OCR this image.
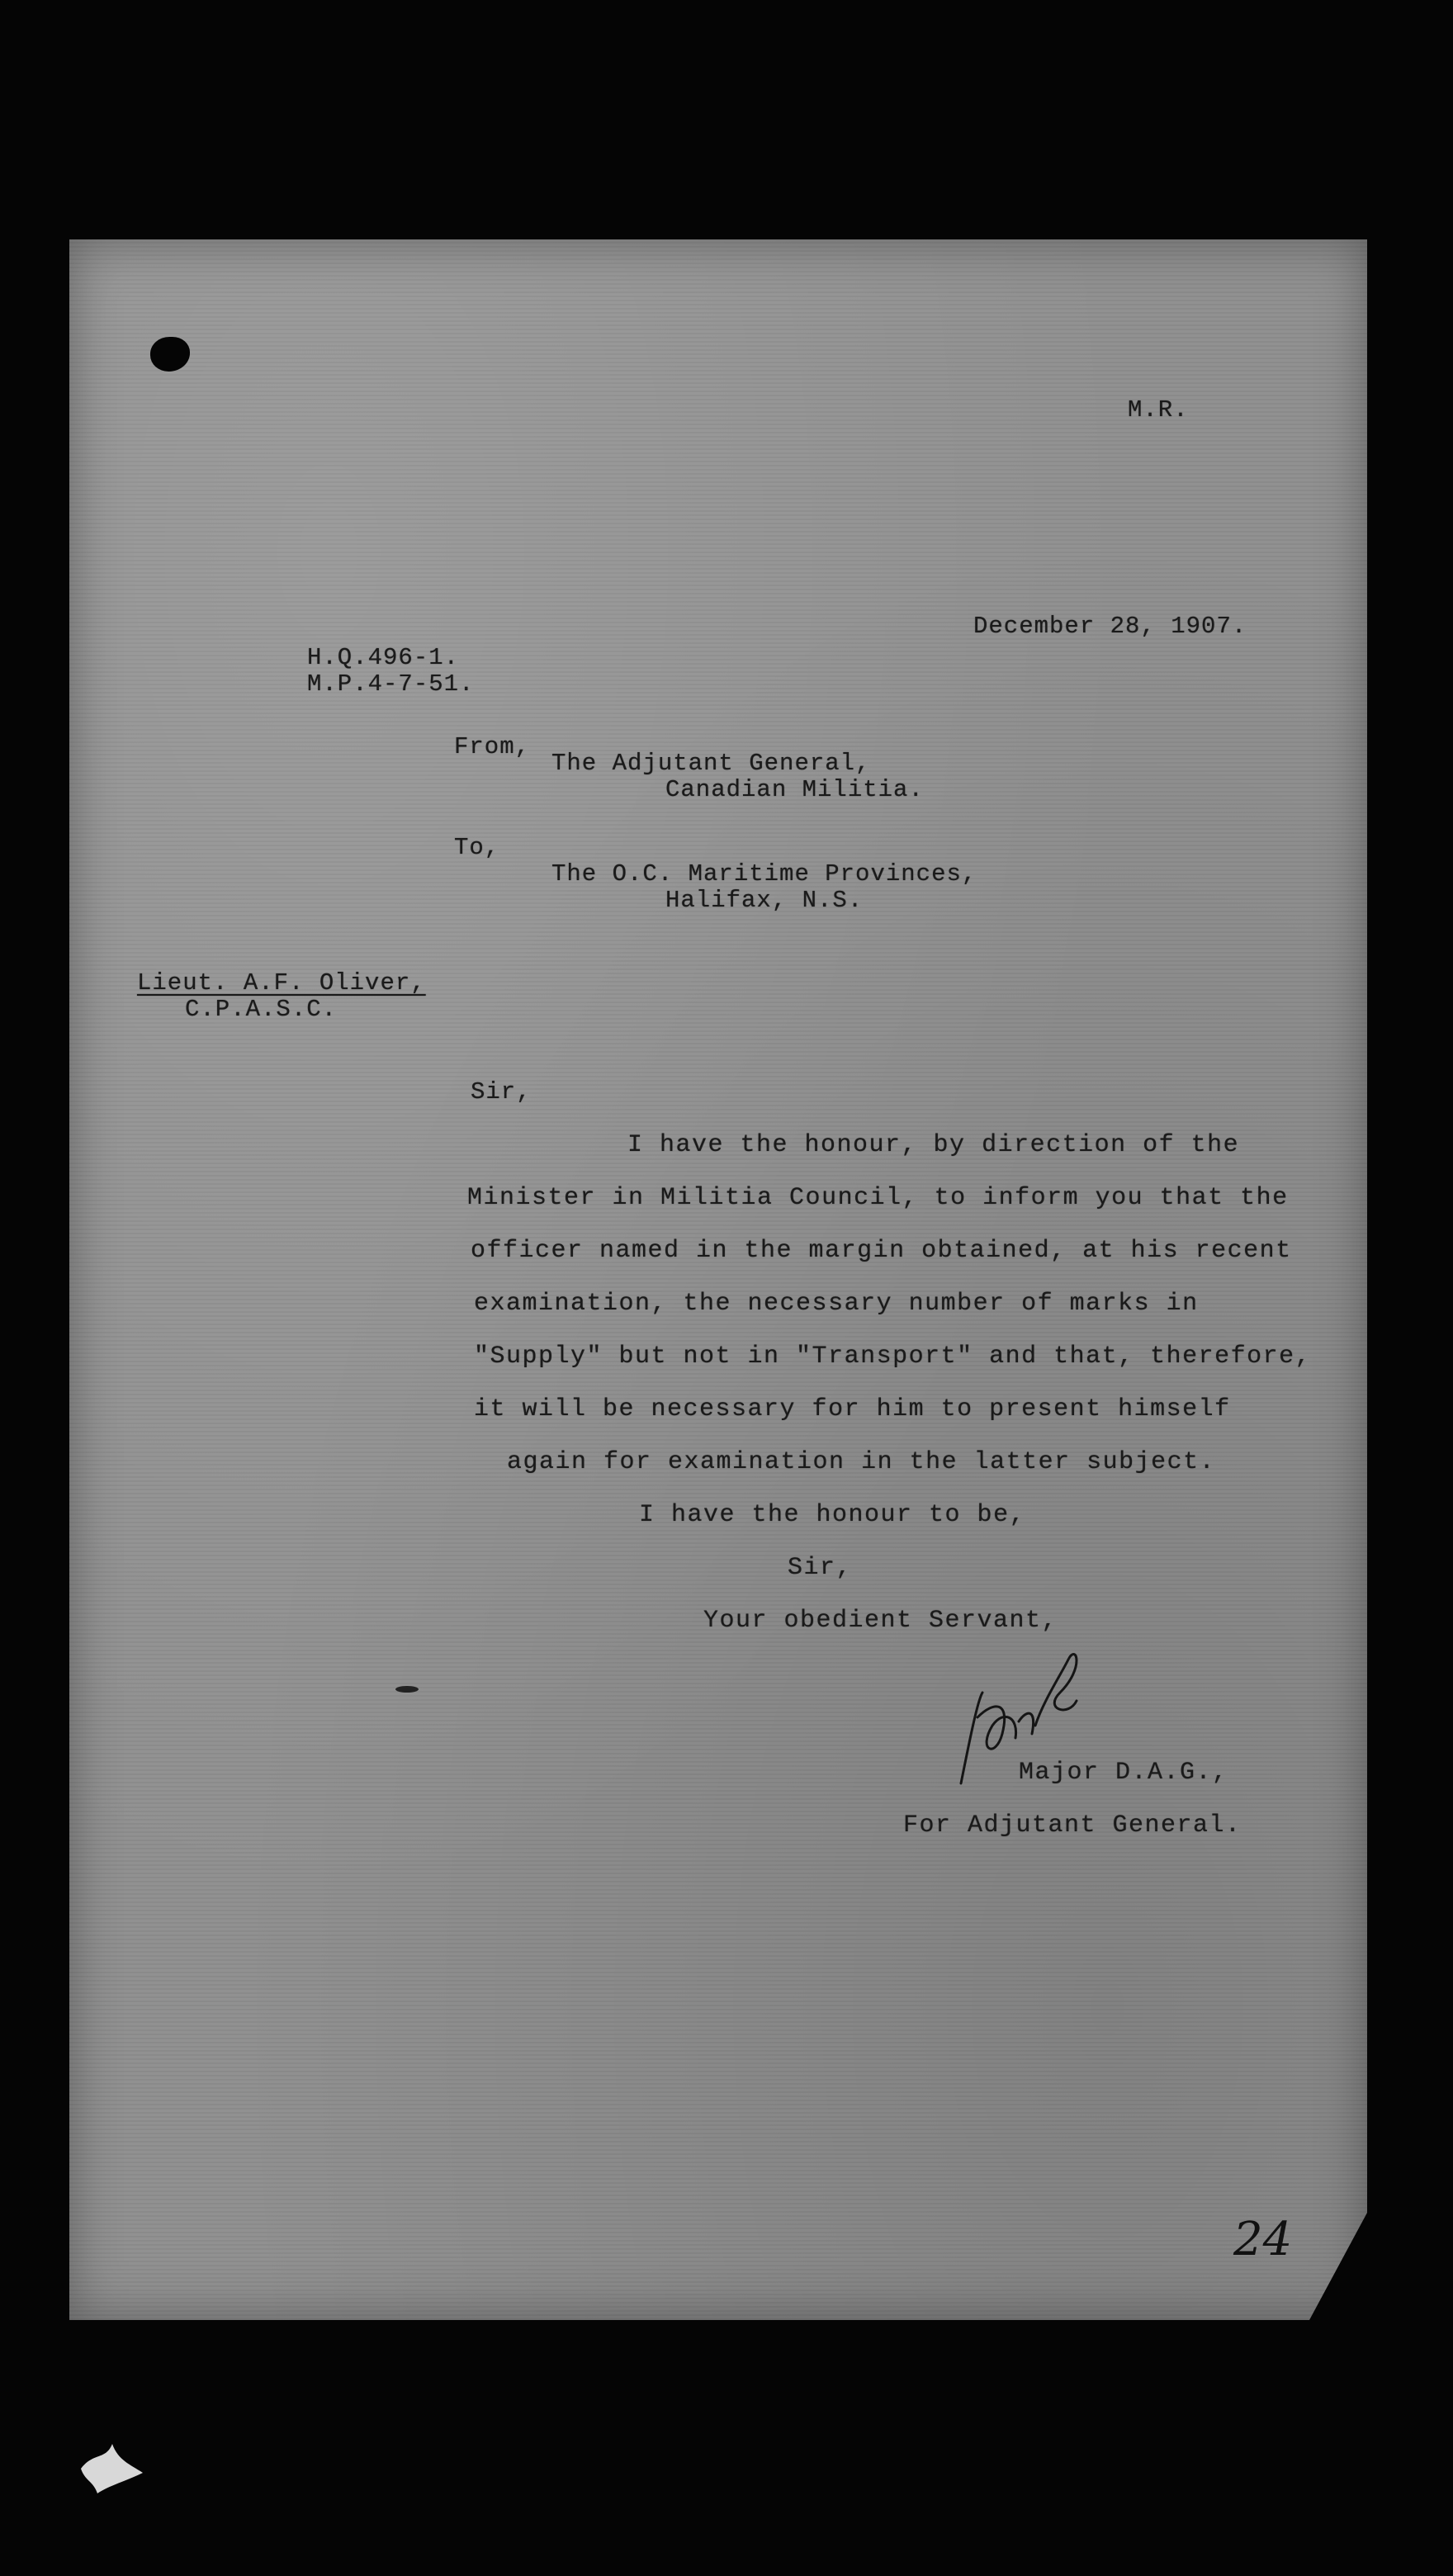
M.R.

December 28, 1907.

H.Q.496-1.

M.P.4-7-51.

From,

The Adjutant General,

Canadian Militia.

To,

The O.C. Maritime Provinces,

Halifax, N.S.

Lieut. A.F. Oliver,

C.P.A.S.C.

Sir,

I have the honour, by direction of the

Minister in Militia Council, to inform you that the

officer named in the margin obtained, at his recent

examination, the necessary number of marks in

"Supply" but not in "Transport" and that, therefore,

it will be necessary for him to present himself

again for examination in the latter subject.

I have the honour to be,

Sir,

Your obedient Servant,

Major D.A.G.,

For Adjutant General.

24
